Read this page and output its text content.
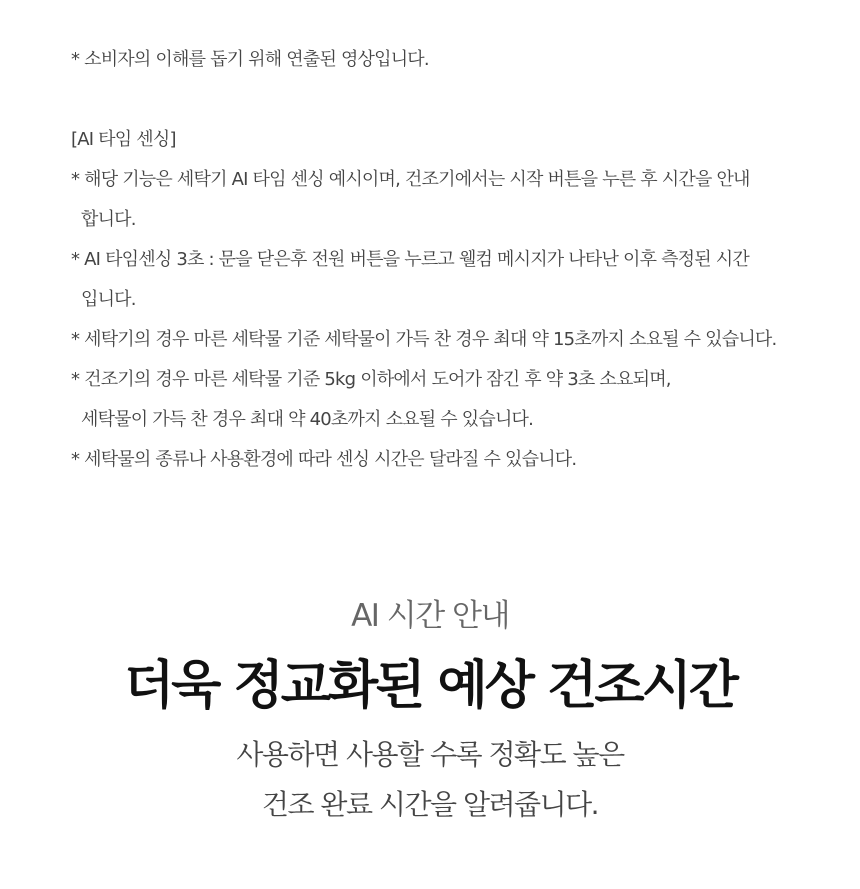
* 소비자의 이해를 돕기 위해 연출된 영상입니다.
[AI 타임 센싱]
* 해당 기능은 세탁기 AI 타임 센싱 예시이며, 건조기에서는 시작 버튼을 누른 후 시간을 안내
합니다.
* AI 타임센싱 3초 : 문을 닫은후 전원 버튼을 누르고 웰컴 메시지가 나타난 이후 측정된 시간
입니다.
* 세탁기의 경우 마른 세탁물 기준 세탁물이 가득 찬 경우 최대 약 15초까지 소요될 수 있습니다.
* 건조기의 경우 마른 세탁물 기준 5kg 이하에서 도어가 잠긴 후 약 3초 소요되며,
세탁물이 가득 찬 경우 최대 약 40초까지 소요될 수 있습니다.
* 세탁물의 종류나 사용환경에 따라 센싱 시간은 달라질 수 있습니다.
AI 시간 안내
더욱 정교화된 예상 건조시간
사용하면 사용할 수록 정확도 높은
건조 완료 시간을 알려줍니다.
